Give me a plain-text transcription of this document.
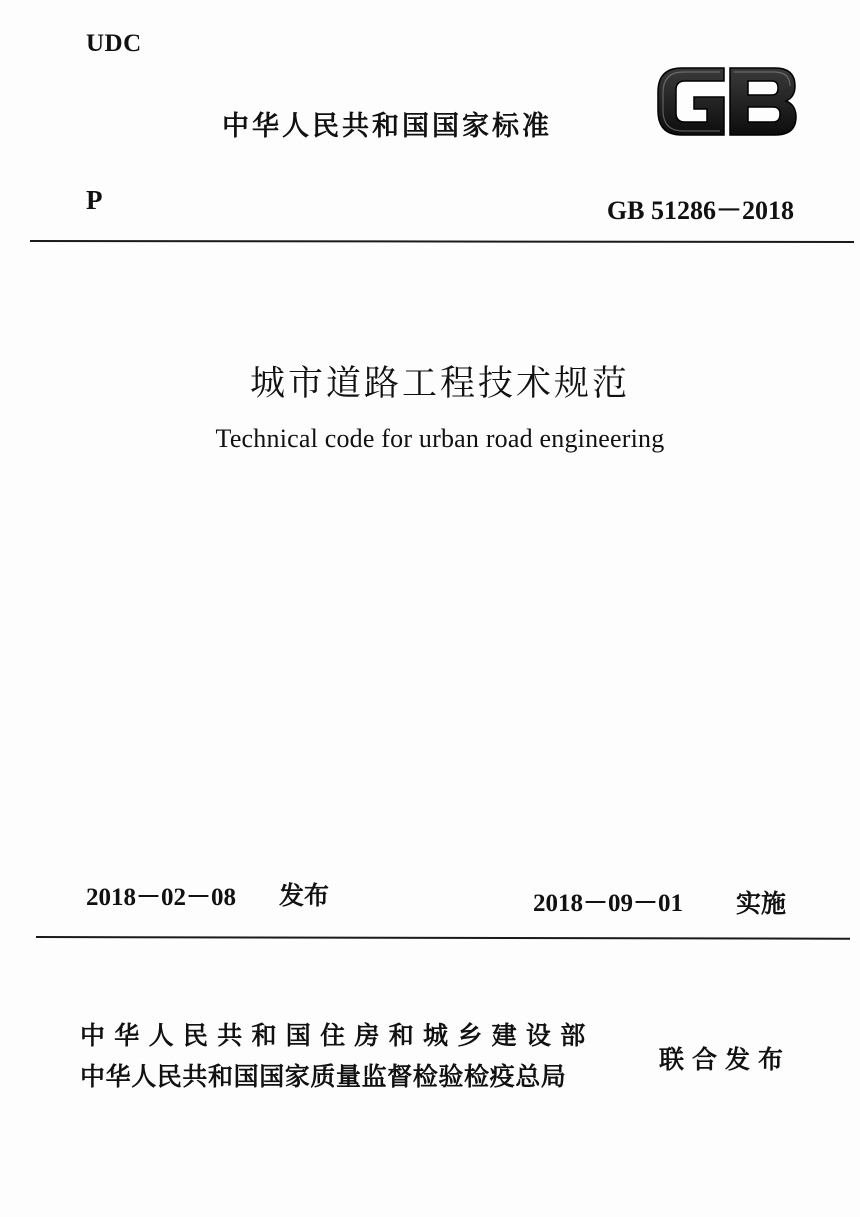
UDC
中华人民共和国国家标准
GB
P	GB 51286－2018
城市道路工程技术规范
Technical code for urban road engineering
2018－02－08 发布	2018－09－01 实施
中华人民共和国住房和城乡建设部
中华人民共和国国家质量监督检验检疫总局
联合发布
